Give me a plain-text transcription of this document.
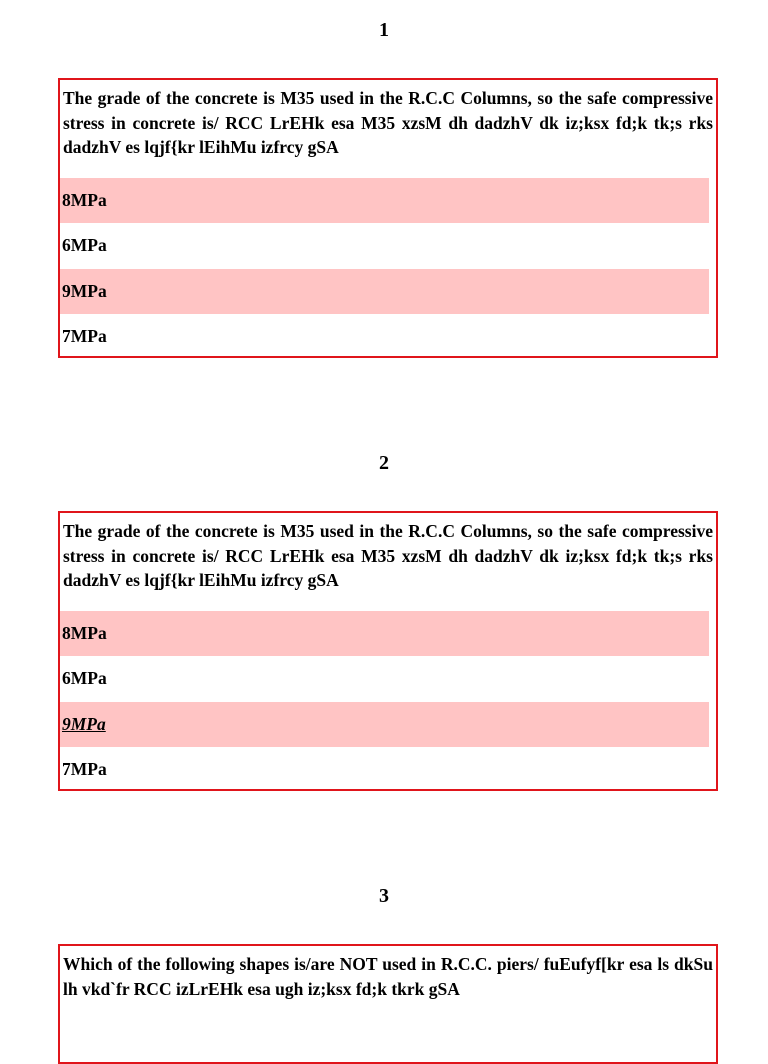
1

The grade of the concrete is M35 used in the R.C.C Columns, so the safe compressive stress in concrete is/ RCC LrEHk esa M35 xzsM dh dadzhV dk iz;ksx fd;k tk;s rks dadzhV es lqjf{kr lEihMu izfrcy gSA

8MPa
6MPa
9MPa
7MPa
2

The grade of the concrete is M35 used in the R.C.C Columns, so the safe compressive stress in concrete is/ RCC LrEHk esa M35 xzsM dh dadzhV dk iz;ksx fd;k tk;s rks dadzhV es lqjf{kr lEihMu izfrcy gSA

8MPa
6MPa
9MPa
7MPa
3

Which of the following shapes is/are NOT used in R.C.C. piers/ fuEufyf[kr esa ls dkSu lh vkd`fr RCC izLrEHk esa ugh iz;ksx fd;k tkrk gSA
